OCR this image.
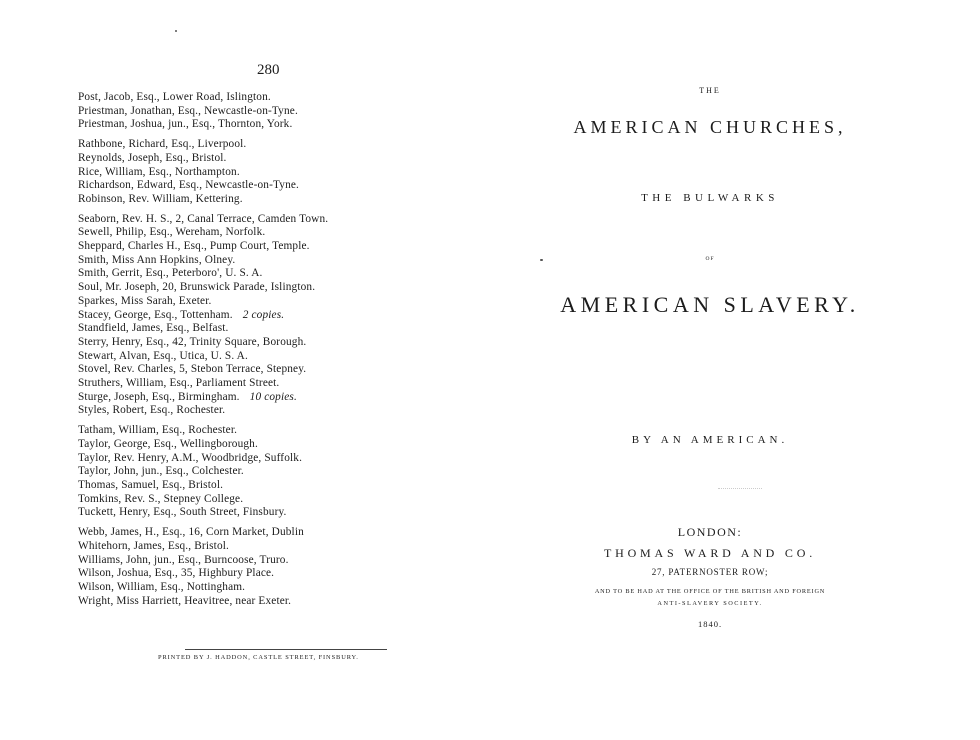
280
Post, Jacob, Esq., Lower Road, Islington.
Priestman, Jonathan, Esq., Newcastle-on-Tyne.
Priestman, Joshua, jun., Esq., Thornton, York.
Rathbone, Richard, Esq., Liverpool.
Reynolds, Joseph, Esq., Bristol.
Rice, William, Esq., Northampton.
Richardson, Edward, Esq., Newcastle-on-Tyne.
Robinson, Rev. William, Kettering.
Seaborn, Rev. H. S., 2, Canal Terrace, Camden Town.
Sewell, Philip, Esq., Wereham, Norfolk.
Sheppard, Charles H., Esq., Pump Court, Temple.
Smith, Miss Ann Hopkins, Olney.
Smith, Gerrit, Esq., Peterboro', U. S. A.
Soul, Mr. Joseph, 20, Brunswick Parade, Islington.
Sparkes, Miss Sarah, Exeter.
Stacey, George, Esq., Tottenham. 2 copies.
Standfield, James, Esq., Belfast.
Sterry, Henry, Esq., 42, Trinity Square, Borough.
Stewart, Alvan, Esq., Utica, U. S. A.
Stovel, Rev. Charles, 5, Stebon Terrace, Stepney.
Struthers, William, Esq., Parliament Street.
Sturge, Joseph, Esq., Birmingham. 10 copies.
Styles, Robert, Esq., Rochester.
Tatham, William, Esq., Rochester.
Taylor, George, Esq., Wellingborough.
Taylor, Rev. Henry, A.M., Woodbridge, Suffolk.
Taylor, John, jun., Esq., Colchester.
Thomas, Samuel, Esq., Bristol.
Tomkins, Rev. S., Stepney College.
Tuckett, Henry, Esq., South Street, Finsbury.
Webb, James, H., Esq., 16, Corn Market, Dublin
Whitehorn, James, Esq., Bristol.
Williams, John, jun., Esq., Burncoose, Truro.
Wilson, Joshua, Esq., 35, Highbury Place.
Wilson, William, Esq., Nottingham.
Wright, Miss Harriett, Heavitree, near Exeter.
PRINTED BY J. HADDON, CASTLE STREET, FINSBURY.
THE
AMERICAN CHURCHES,
THE BULWARKS
OF
AMERICAN SLAVERY.
BY AN AMERICAN.
LONDON:
THOMAS WARD AND CO.
27, PATERNOSTER ROW;
AND TO BE HAD AT THE OFFICE OF THE BRITISH AND FOREIGN
ANTI-SLAVERY SOCIETY.
1840.
